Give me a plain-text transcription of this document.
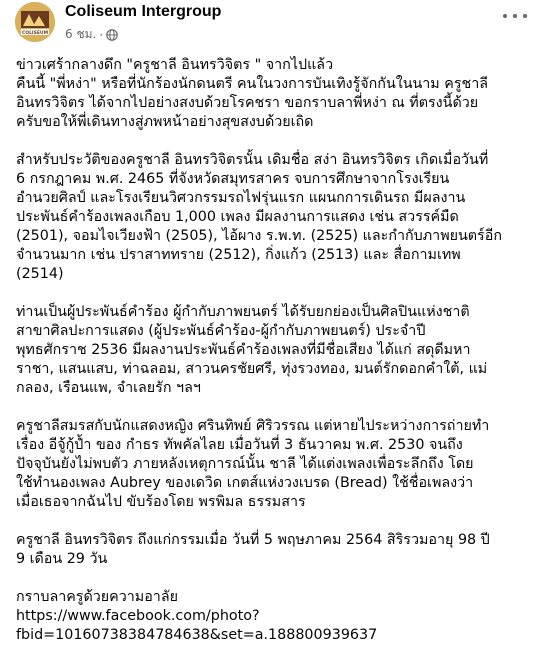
COLISEUM
Coliseum Intergroup
6 ชม. ·

ข่าวเศร้ากลางดึก "ครูชาลี อินทรวิจิตร " จากไปแล้ว
คืนนี้ "พี่หง่า" หรือที่นักร้องนักดนตรี คนในวงการบันเทิงรู้จักกันในนาม ครูชาลี
อินทรวิจิตร ได้จากไปอย่างสงบด้วยโรคชรา ขอกราบลาพี่หง่า ณ ที่ตรงนี้ด้วย
ครับขอให้พี่เดินทางสู่ภพหน้าอย่างสุขสงบด้วยเถิด

สำหรับประวัติของครูชาลี อินทรวิจิตรนั้น เดิมชื่อ สง่า อินทรวิจิตร เกิดเมื่อวันที่
6 กรกฎาคม พ.ศ. 2465 ที่จังหวัดสมุทรสาคร จบการศึกษาจากโรงเรียน
อำนวยศิลป์ และโรงเรียนวิศวกรรมรถไฟรุ่นแรก แผนกการเดินรถ มีผลงาน
ประพันธ์คำร้องเพลงเกือบ 1,000 เพลง มีผลงานการแสดง เช่น สวรรค์มืด
(2501), จอมไจเวียงฟ้า (2505), ไอ้ผาง ร.พ.ท. (2525) และกำกับภาพยนตร์อีก
จำนวนมาก เช่น ปราสาททราย (2512), กิ่งแก้ว (2513) และ สื่อกามเทพ
(2514)

ท่านเป็นผู้ประพันธ์คำร้อง ผู้กำกับภาพยนตร์ ได้รับยกย่องเป็นศิลปินแห่งชาติ
สาขาศิลปะการแสดง (ผู้ประพันธ์คำร้อง-ผู้กำกับภาพยนตร์) ประจำปี
พุทธศักราช 2536 มีผลงานประพันธ์คำร้องเพลงที่มีชื่อเสียง ได้แก่ สดุดีมหา
ราชา, แสนแสบ, ท่าฉลอม, สาวนครชัยศรี, ทุ่งรวงทอง, มนต์รักดอกคำใต้, แม่
กลอง, เรือนแพ, จำเลยรัก ฯลฯ

ครูชาลีสมรสกับนักแสดงหญิง ศรินทิพย์ ศิริวรรณ แต่หายไประหว่างการถ่ายทำ
เรื่อง อีจู้กู้ป้ำ ของ กำธร ทัพคัลไลย เมื่อวันที่ 3 ธันวาคม พ.ศ. 2530 จนถึง
ปัจจุบันยังไม่พบตัว ภายหลังเหตุการณ์นั้น ชาลี ได้แต่งเพลงเพื่อระลึกถึง โดย
ใช้ทำนองเพลง Aubrey ของเดวิด เกตส์แห่งวงเบรด (Bread) ใช้ชื่อเพลงว่า
เมื่อเธอจากฉันไป ขับร้องโดย พรพิมล ธรรมสาร

ครูชาลี อินทรวิจิตร ถึงแก่กรรมเมื่อ วันที่ 5 พฤษภาคม 2564 สิริรวมอายุ 98 ปี
9 เดือน 29 วัน

กราบลาครูด้วยความอาลัย
https://www.facebook.com/photo?
fbid=10160738384784638&set=a.188800939637
